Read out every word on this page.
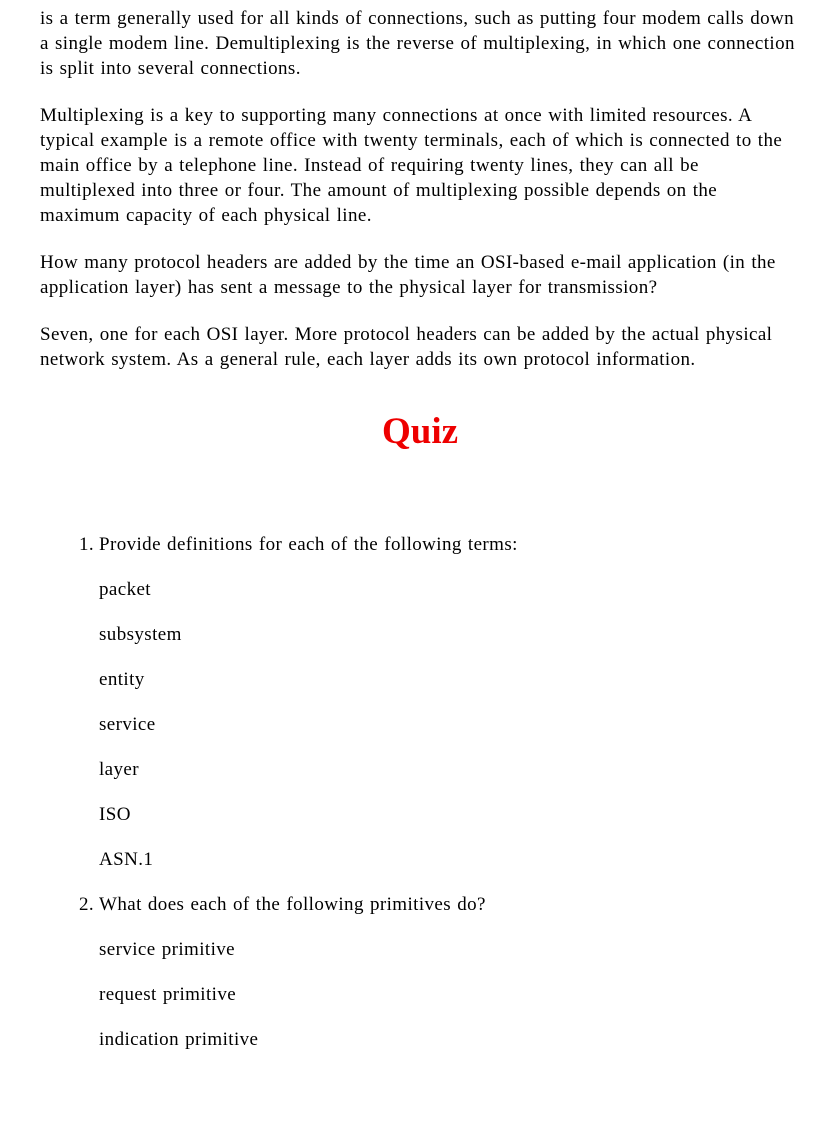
is a term generally used for all kinds of connections, such as putting four modem calls down a single modem line. Demultiplexing is the reverse of multiplexing, in which one connection is split into several connections.

Multiplexing is a key to supporting many connections at once with limited resources. A typical example is a remote office with twenty terminals, each of which is connected to the main office by a telephone line. Instead of requiring twenty lines, they can all be multiplexed into three or four. The amount of multiplexing possible depends on the maximum capacity of each physical line.

How many protocol headers are added by the time an OSI-based e-mail application (in the application layer) has sent a message to the physical layer for transmission?

Seven, one for each OSI layer. More protocol headers can be added by the actual physical network system. As a general rule, each layer adds its own protocol information.

Quiz
1. Provide definitions for each of the following terms:
packet
subsystem
entity
service
layer
ISO
ASN.1
2. What does each of the following primitives do?
service primitive
request primitive
indication primitive
